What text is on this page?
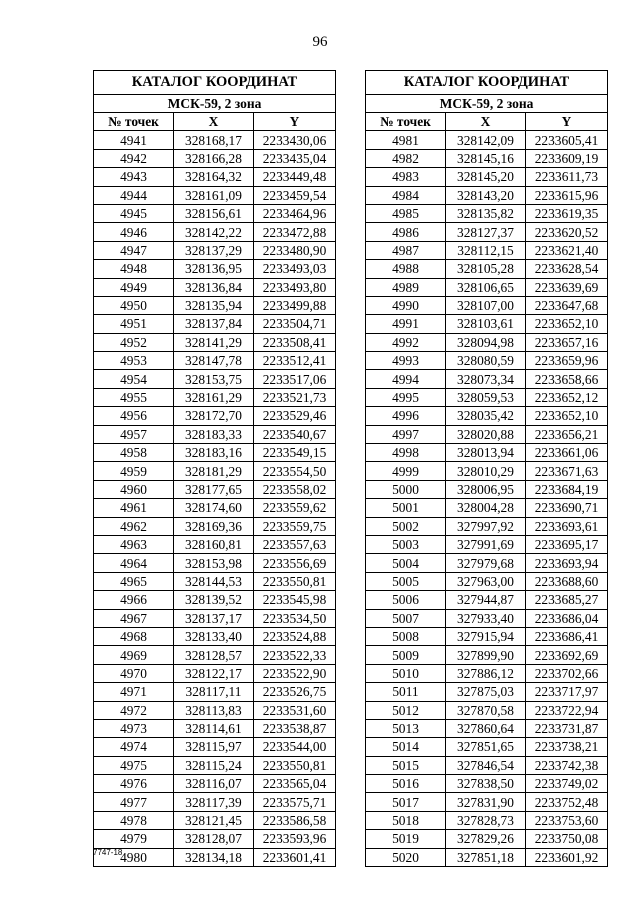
96
КАТАЛОГ КООРДИНАТ		
МСК-59, 2 зона		
№ точек	X	Y
4941	328168,17	2233430,06
4942	328166,28	2233435,04
4943	328164,32	2233449,48
4944	328161,09	2233459,54
4945	328156,61	2233464,96
4946	328142,22	2233472,88
4947	328137,29	2233480,90
4948	328136,95	2233493,03
4949	328136,84	2233493,80
4950	328135,94	2233499,88
4951	328137,84	2233504,71
4952	328141,29	2233508,41
4953	328147,78	2233512,41
4954	328153,75	2233517,06
4955	328161,29	2233521,73
4956	328172,70	2233529,46
4957	328183,33	2233540,67
4958	328183,16	2233549,15
4959	328181,29	2233554,50
4960	328177,65	2233558,02
4961	328174,60	2233559,62
4962	328169,36	2233559,75
4963	328160,81	2233557,63
4964	328153,98	2233556,69
4965	328144,53	2233550,81
4966	328139,52	2233545,98
4967	328137,17	2233534,50
4968	328133,40	2233524,88
4969	328128,57	2233522,33
4970	328122,17	2233522,90
4971	328117,11	2233526,75
4972	328113,83	2233531,60
4973	328114,61	2233538,87
4974	328115,97	2233544,00
4975	328115,24	2233550,81
4976	328116,07	2233565,04
4977	328117,39	2233575,71
4978	328121,45	2233586,58
4979	328128,07	2233593,96
4980	328134,18	2233601,41
КАТАЛОГ КООРДИНАТ		
МСК-59, 2 зона		
№ точек	X	Y
4981	328142,09	2233605,41
4982	328145,16	2233609,19
4983	328145,20	2233611,73
4984	328143,20	2233615,96
4985	328135,82	2233619,35
4986	328127,37	2233620,52
4987	328112,15	2233621,40
4988	328105,28	2233628,54
4989	328106,65	2233639,69
4990	328107,00	2233647,68
4991	328103,61	2233652,10
4992	328094,98	2233657,16
4993	328080,59	2233659,96
4994	328073,34	2233658,66
4995	328059,53	2233652,12
4996	328035,42	2233652,10
4997	328020,88	2233656,21
4998	328013,94	2233661,06
4999	328010,29	2233671,63
5000	328006,95	2233684,19
5001	328004,28	2233690,71
5002	327997,92	2233693,61
5003	327991,69	2233695,17
5004	327979,68	2233693,94
5005	327963,00	2233688,60
5006	327944,87	2233685,27
5007	327933,40	2233686,04
5008	327915,94	2233686,41
5009	327899,90	2233692,69
5010	327886,12	2233702,66
5011	327875,03	2233717,97
5012	327870,58	2233722,94
5013	327860,64	2233731,87
5014	327851,65	2233738,21
5015	327846,54	2233742,38
5016	327838,50	2233749,02
5017	327831,90	2233752,48
5018	327828,73	2233753,60
5019	327829,26	2233750,08
5020	327851,18	2233601,92
7747-18
